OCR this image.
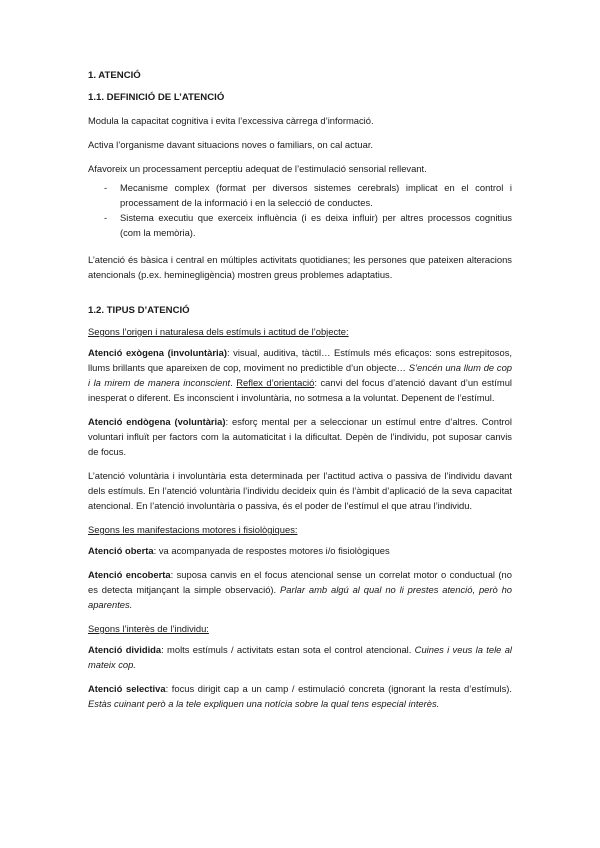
1. ATENCIÓ
1.1. DEFINICIÓ DE L’ATENCIÓ

Modula la capacitat cognitiva i evita l’excessiva càrrega d’informació.

Activa l’organisme davant situacions noves o familiars, on cal actuar.

Afavoreix un processament perceptiu adequat de l’estimulació sensorial rellevant.

- Mecanisme complex (format per diversos sistemes cerebrals) implicat en el control i processament de la informació i en la selecció de conductes.
- Sistema executiu que exerceix influència (i es deixa influir) per altres processos cognitius (com la memòria).

L’atenció és bàsica i central en múltiples activitats quotidianes; les persones que pateixen alteracions atencionals (p.ex. heminegligència) mostren greus problemes adaptatius.

1.2. TIPUS D’ATENCIÓ

Segons l’origen i naturalesa dels estímuls i actitud de l’objecte:

Atenció exògena (involuntària): visual, auditiva, tàctil… Estímuls més eficaços: sons estrepitosos, llums brillants que apareixen de cop, moviment no predictible d’un objecte… S’encén una llum de cop i la mirem de manera inconscient. Reflex d’orientació: canvi del focus d’atenció davant d’un estímul inesperat o diferent. Es inconscient i involuntària, no sotmesa a la voluntat. Depenent de l’estímul.

Atenció endògena (voluntària): esforç mental per a seleccionar un estímul entre d’altres. Control voluntari influït per factors com la automaticitat i la dificultat. Depèn de l’individu, pot suposar canvis de focus.

L’atenció voluntària i involuntària esta determinada per l’actitud activa o passiva de l’individu davant dels estímuls. En l’atenció voluntària l’individu decideix quin és l’àmbit d’aplicació de la seva capacitat atencional. En l’atenció involuntària o passiva, és el poder de l’estímul el que atrau l’individu.

Segons les manifestacions motores i fisiològiques:

Atenció oberta: va acompanyada de respostes motores i/o fisiològiques

Atenció encoberta: suposa canvis en el focus atencional sense un correlat motor o conductual (no es detecta mitjançant la simple observació). Parlar amb algú al qual no li prestes atenció, però ho aparentes.

Segons l’interès de l’individu:

Atenció dividida: molts estímuls / activitats estan sota el control atencional. Cuines i veus la tele al mateix cop.

Atenció selectiva: focus dirigit cap a un camp / estimulació concreta (ignorant la resta d’estímuls). Estàs cuinant però a la tele expliquen una notícia sobre la qual tens especial interès.
